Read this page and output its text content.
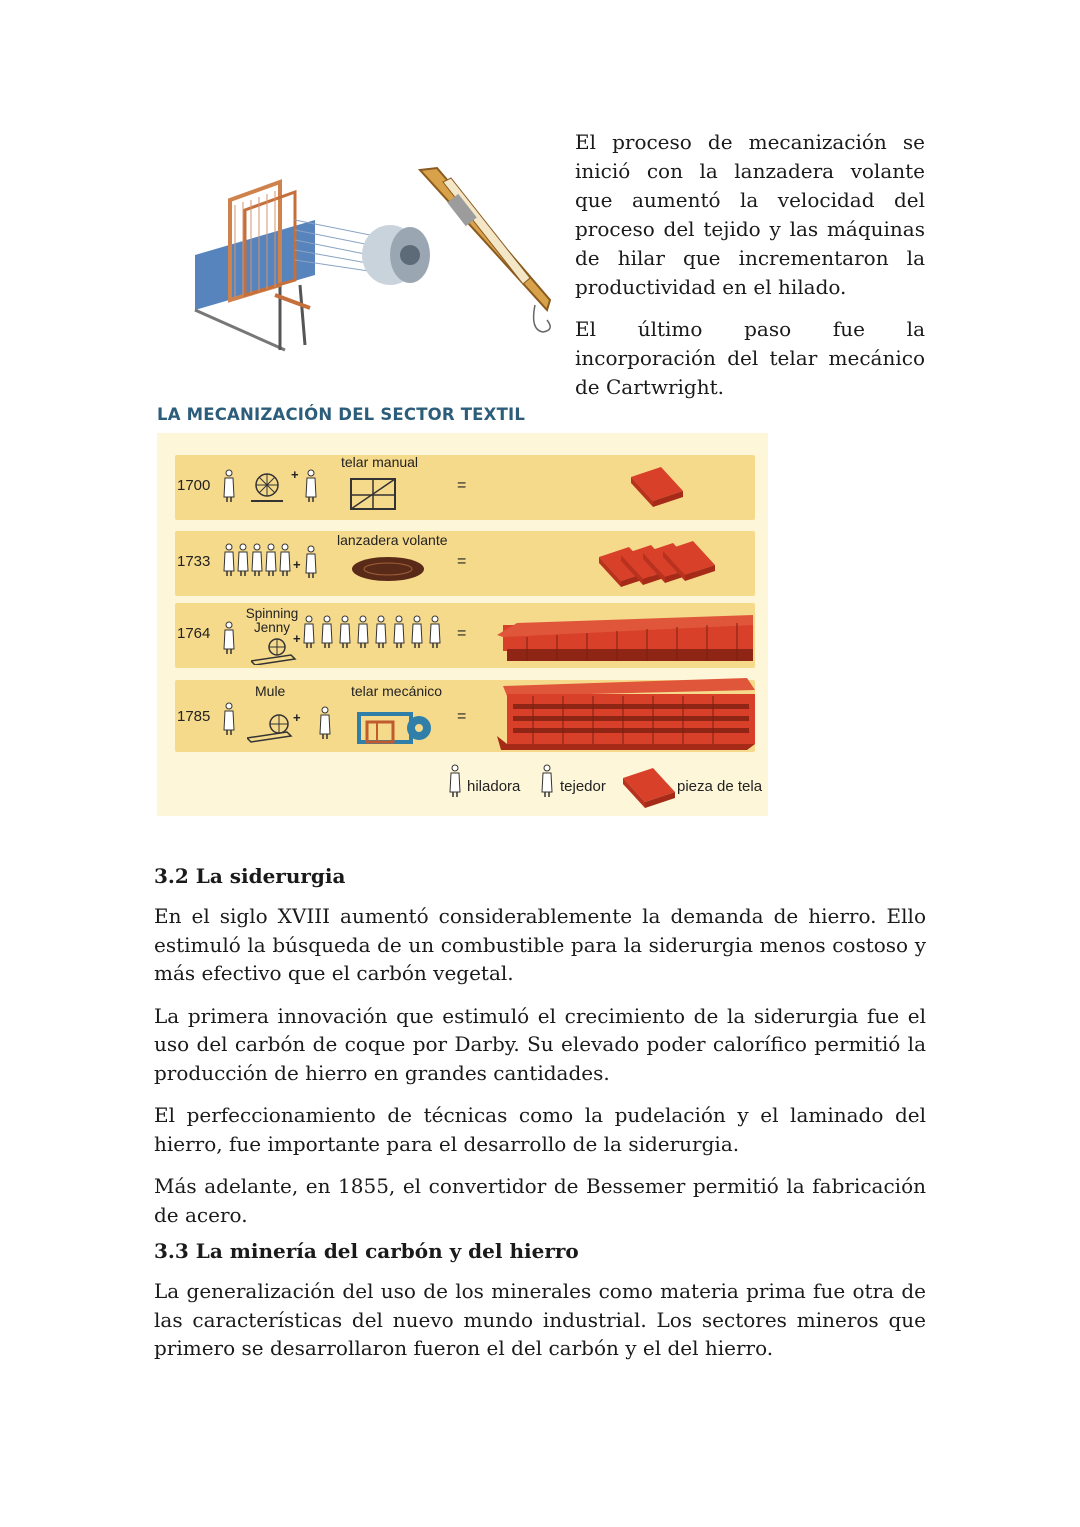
El proceso de mecanización se inició con la lanzadera volante que aumentó la velocidad del proceso del tejido y las máquinas de hilar que incrementaron la productividad en el hilado.

El último paso fue la incorporación del telar mecánico de Cartwright.

LA MECANIZACIÓN DEL SECTOR TEXTIL
1700
+
telar manual
=
1733	+
lanzadera volante
=
1764
Spinning Jenny
+	=
1785
Mule
+
telar mecánico
=
hiladora	tejedor	pieza de tela
3.2 La siderurgia

En el siglo XVIII aumentó considerablemente la demanda de hierro. Ello estimuló la búsqueda de un combustible para la siderurgia menos costoso y más efectivo que el carbón vegetal.

La primera innovación que estimuló el crecimiento de la siderurgia fue el uso del carbón de coque por Darby. Su elevado poder calorífico permitió la producción de hierro en grandes cantidades.

El perfeccionamiento de técnicas como la pudelación y el laminado del hierro, fue importante para el desarrollo de la siderurgia.

Más adelante, en 1855, el convertidor de Bessemer permitió la fabricación de acero.

3.3 La minería del carbón y del hierro

La generalización del uso de los minerales como materia prima fue otra de las características del nuevo mundo industrial. Los sectores mineros que primero se desarrollaron fueron el del carbón y el del hierro.
